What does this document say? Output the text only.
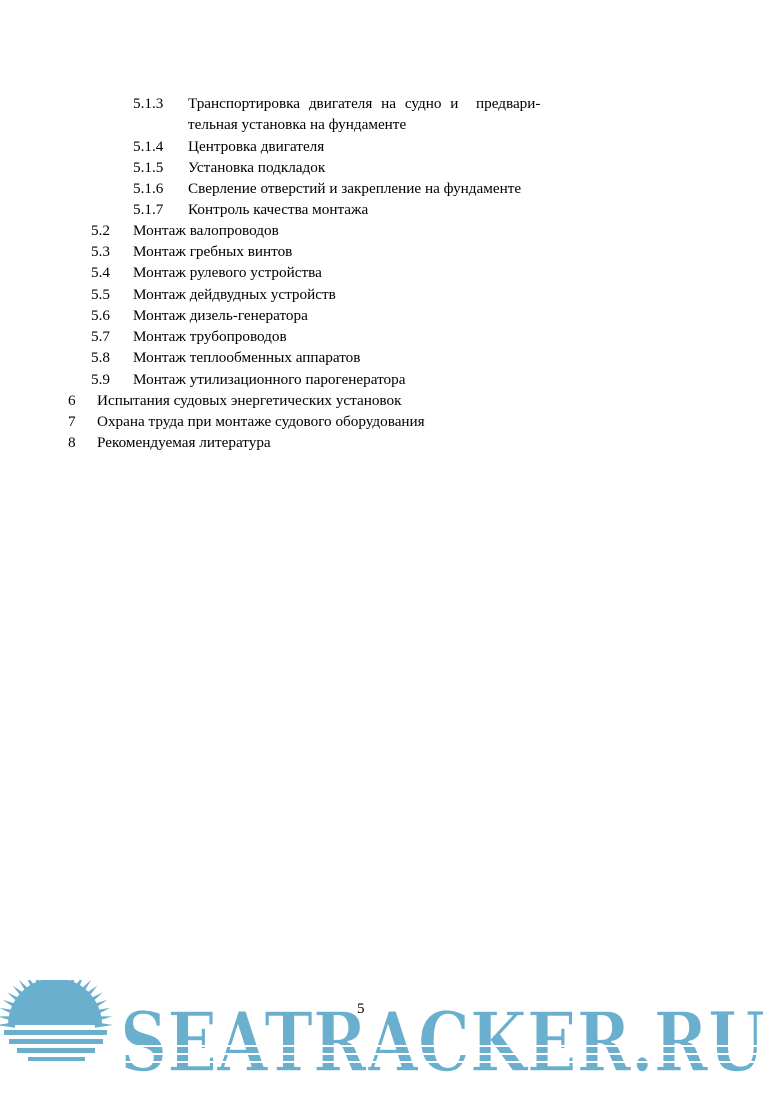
5.1.3 Транспортировка двигателя на судно и  предвари-
тельная установка на фундаменте
5.1.4 Центровка двигателя
5.1.5 Установка подкладок
5.1.6 Сверление отверстий и закрепление на фундаменте
5.1.7 Контроль качества монтажа
5.2 Монтаж валопроводов
5.3 Монтаж гребных винтов
5.4 Монтаж рулевого устройства
5.5 Монтаж дейдвудных устройств
5.6 Монтаж дизель-генератора
5.7 Монтаж трубопроводов
5.8 Монтаж теплообменных аппаратов
5.9 Монтаж утилизационного парогенератора
6 Испытания судовых энергетических установок
7 Охрана труда при монтаже судового оборудования
8 Рекомендуемая литература
SEATRACKER.RU
5
